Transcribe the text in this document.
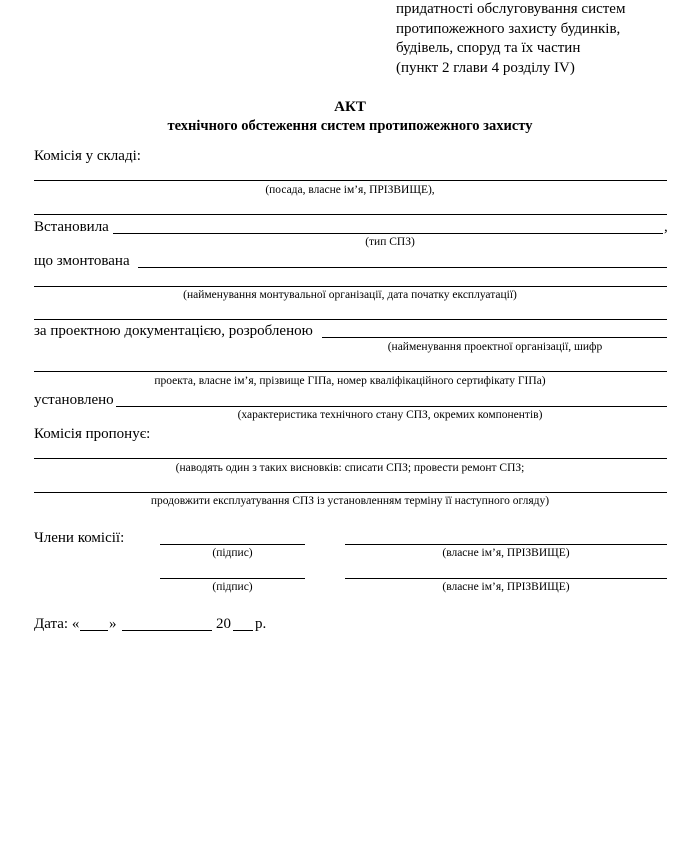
придатності обслуговування систем
протипожежного захисту будинків,
будівель, споруд та їх частин
(пункт 2 глави 4 розділу IV)
АКТ
технічного обстеження систем протипожежного захисту
Комісія у складі:
(посада, власне ім’я, ПРІЗВИЩЕ),
Встановила	,
(тип СПЗ)
що змонтована
(найменування монтувальної організації, дата початку експлуатації)
за проектною документацією, розробленою
(найменування проектної організації, шифр
проекта, власне ім’я, прізвище ГІПа, номер кваліфікаційного сертифікату ГІПа)
установлено
(характеристика технічного стану СПЗ, окремих компонентів)
Комісія пропонує:
(наводять один з таких висновків: списати СПЗ; провести ремонт СПЗ;
продовжити експлуатування СПЗ із установленням терміну її наступного огляду)
Члени комісії:
(підпис)	(власне ім’я, ПРІЗВИЩЕ)
(підпис)	(власне ім’я, ПРІЗВИЩЕ)
Дата: « »	20 р.
